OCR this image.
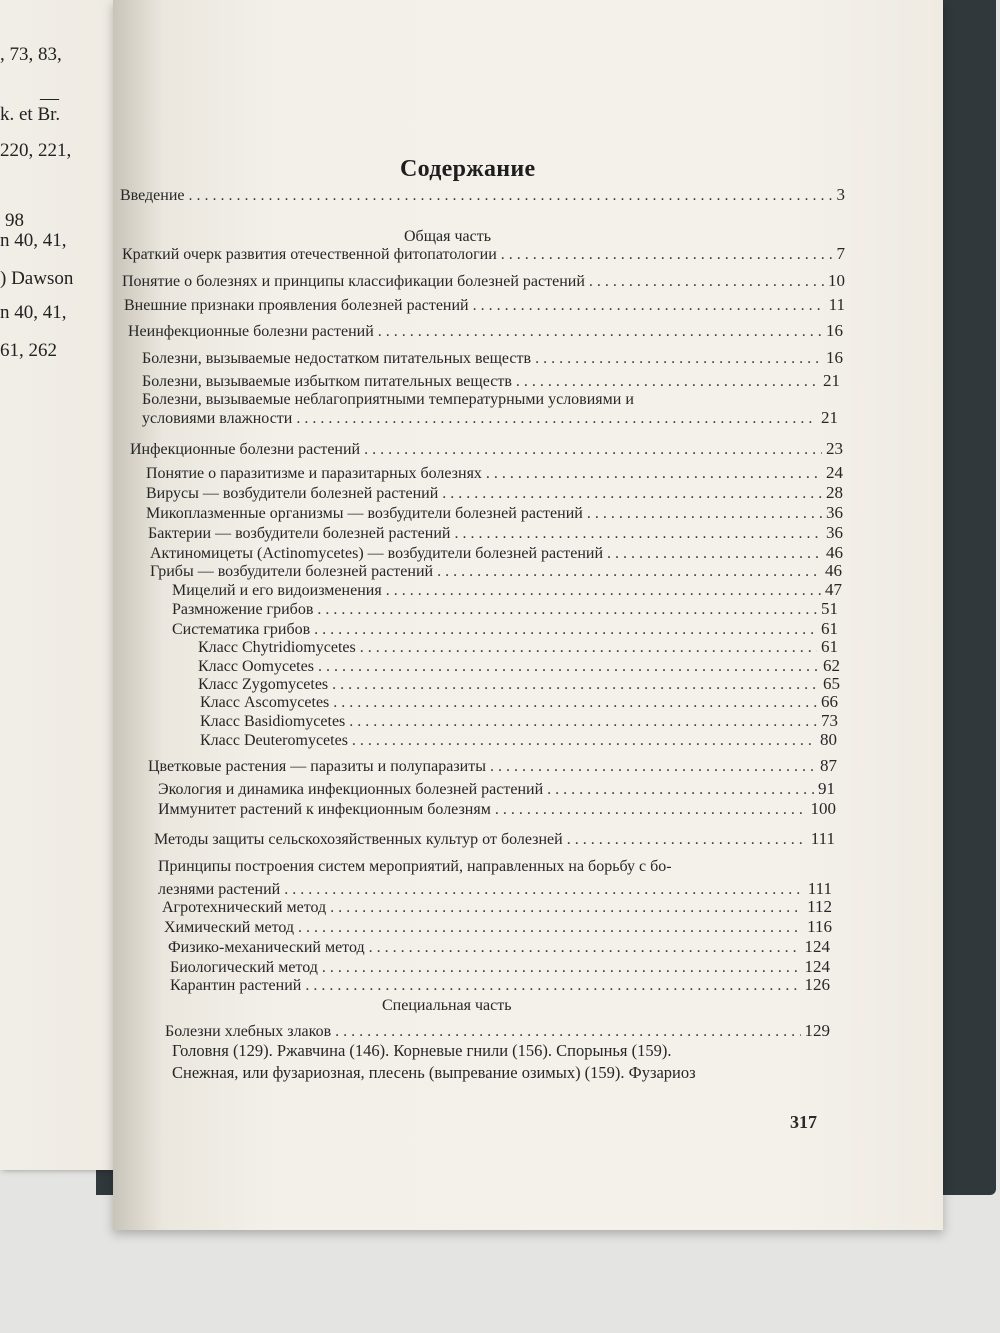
, 73, 83,
—
k. et Br.
220, 221,
98
n 40, 41,
) Dawson
n 40, 41,
61, 262
Содержание
Введение . . .	3
Общая часть
Краткий очерк развития отечественной фитопатологии . . .	7
Понятие о болезнях и принципы классификации болезней растений . . .	10
Внешние признаки проявления болезней растений . . .	11
Неинфекционные болезни растений . . .	16
Болезни, вызываемые недостатком питательных веществ . . .	16
Болезни, вызываемые избытком питательных веществ . . .	21
Болезни, вызываемые неблагоприятными температурными условиями и
условиями влажности . . .	21
Инфекционные болезни растений . . .	23
Понятие о паразитизме и паразитарных болезнях . . .	24
Вирусы — возбудители болезней растений . . .	28
Микоплазменные организмы — возбудители болезней растений . . .	36
Бактерии — возбудители болезней растений . . .	36
Актиномицеты (Actinomycetes) — возбудители болезней растений . . .	46
Грибы — возбудители болезней растений . . .	46
Мицелий и его видоизменения . . .	47
Размножение грибов . . .	51
Систематика грибов . . .	61
Класс Chytridiomycetes . . .	61
Класс Oomycetes . . .	62
Класс Zygomycetes . . .	65
Класс Ascomycetes . . .	66
Класс Basidiomycetes . . .	73
Класс Deuteromycetes . . .	80
Цветковые растения — паразиты и полупаразиты . . .	87
Экология и динамика инфекционных болезней растений . . .	91
Иммунитет растений к инфекционным болезням . . .	100
Методы защиты сельскохозяйственных культур от болезней . . .	111
Принципы построения систем мероприятий, направленных на борьбу с бо-
лезнями растений . . .	111
Агротехнический метод . . .	112
Химический метод . . .	116
Физико-механический метод . . .	124
Биологический метод . . .	124
Карантин растений . . .	126
Специальная часть
Болезни хлебных злаков . . .	129
Головня (129). Ржавчина (146). Корневые гнили (156). Спорынья (159).
Снежная, или фузариозная, плесень (выпревание озимых) (159). Фузариоз
317
